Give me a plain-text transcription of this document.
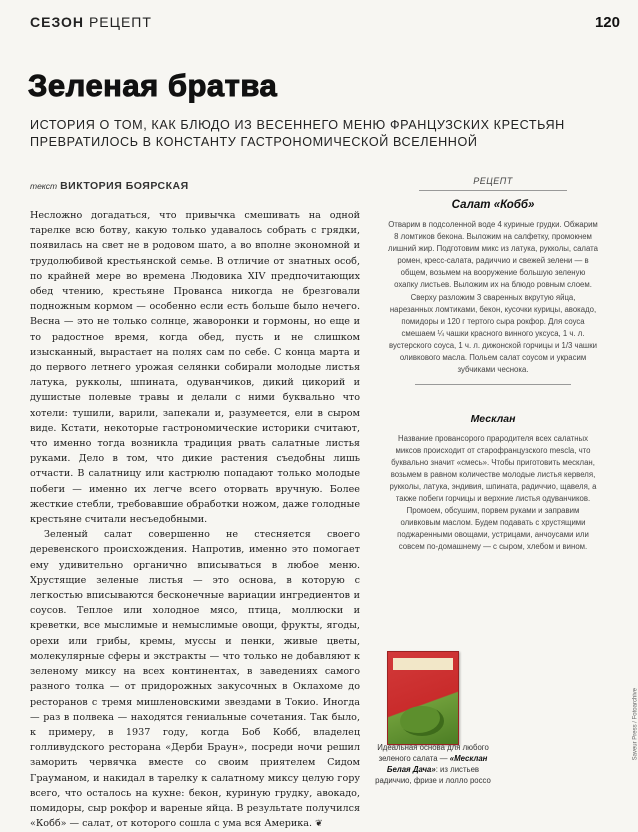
СЕЗОН РЕЦЕПТ	120
Зеленая братва
ИСТОРИЯ О ТОМ, КАК БЛЮДО ИЗ ВЕСЕННЕГО МЕНЮ ФРАНЦУЗСКИХ КРЕСТЬЯН ПРЕВРАТИЛОСЬ В КОНСТАНТУ ГАСТРОНОМИЧЕСКОЙ ВСЕЛЕННОЙ
текст ВИКТОРИЯ БОЯРСКАЯ

Несложно догадаться, что привычка смешивать на одной тарелке всю ботву, какую только удавалось собрать с грядки, появилась на свет не в родовом шато, а во вполне экономной и трудолюбивой крестьянской семье. В отличие от знатных особ, по крайней мере во времена Людовика XIV предпочитающих обед чтению, крестьяне Прованса никогда не брезговали подножным кормом — особенно если есть больше было нечего. Весна — это не только солнце, жаворонки и гормоны, но еще и то радостное время, когда обед, пусть и не слишком изысканный, вырастает на полях сам по себе. С конца марта и до первого летнего урожая селянки собирали молодые листья латука, рукколы, шпината, одуванчиков, дикий цикорий и душистые полевые травы и делали с ними буквально что хотели: тушили, варили, запекали и, разумеется, ели в сыром виде. Кстати, некоторые гастрономические историки считают, что именно тогда возникла традиция рвать салатные листья руками. Дело в том, что дикие растения съедобны лишь отчасти. В салатницу или кастрюлю попадают только молодые побеги — именно их легче всего оторвать вручную. Более жесткие стебли, требовавшие обработки ножом, даже голодные крестьяне считали несъедобными.

Зеленый салат совершенно не стесняется своего деревенского происхождения. Напротив, именно это помогает ему удивительно органично вписываться в любое меню. Хрустящие зеленые листья — это основа, в которую с легкостью вписываются бесконечные вариации ингредиентов и соусов. Теплое или холодное мясо, птица, моллюски и креветки, все мыслимые и немыслимые овощи, фрукты, ягоды, орехи или грибы, кремы, муссы и пенки, живые цветы, молекулярные сферы и экстракты — что только не добавляют к зеленому миксу на всех континентах, в заведениях самого разного толка — от придорожных закусочных в Оклахоме до ресторанов с тремя мишленовскими звездами в Токио. Иногда — раз в полвека — находятся гениальные сочетания. Так было, к примеру, в 1937 году, когда Боб Кобб, владелец голливудского ресторана «Дерби Браун», посреди ночи решил заморить червячка вместе со своим приятелем Сидом Грауманом, и накидал в тарелку к салатному миксу целую гору всего, что осталось на кухне: бекон, куриную грудку, авокадо, помидоры, сыр рокфор и вареные яйца. В результате получился «Кобб» — салат, от которого сошла с ума вся Америка. ❦

РЕЦЕПТ
Салат «Кобб»
Отварим в подсоленной воде 4 куриные грудки. Обжарим 8 ломтиков бекона. Выложим на салфетку, промокнем лишний жир. Подготовим микс из латука, рукколы, салата ромен, кресс-салата, радиччио и свежей зелени — в общем, возьмем на вооружение большую зеленую охапку листьев. Выложим их на блюдо ровным слоем. Сверху разложим 3 сваренных вкрутую яйца, нарезанных ломтиками, бекон, кусочки курицы, авокадо, помидоры и 120 г тертого сыра рокфор. Для соуса смешаем ¼ чашки красного винного уксуса, 1 ч. л. вустерского соуса, 1 ч. л. дижонской горчицы и 1/3 чашки оливкового масла. Польем салат соусом и украсим зубчиками чеснока.
Месклан
Название провансорого прародителя всех салатных миксов происходит от старофранцузского mescla, что буквально значит «смесь». Чтобы приготовить месклан, возьмем в равном количестве молодые листья кервеля, рукколы, латука, эндивия, шпината, радиччио, щавеля, а также побеги горчицы и верхние листья одуванчиков. Промоем, обсушим, порвем руками и заправим оливковым маслом. Будем подавать с хрустящими поджаренными овощами, устрицами, анчоусами или совсем по-домашнему — с сыром, хлебом и вином.
Идеальная основа для любого зеленого салата — «Месклан Белая Дача»: из листьев радиччио, фризе и лолло россо
Saveur Press / Fotoarchive
